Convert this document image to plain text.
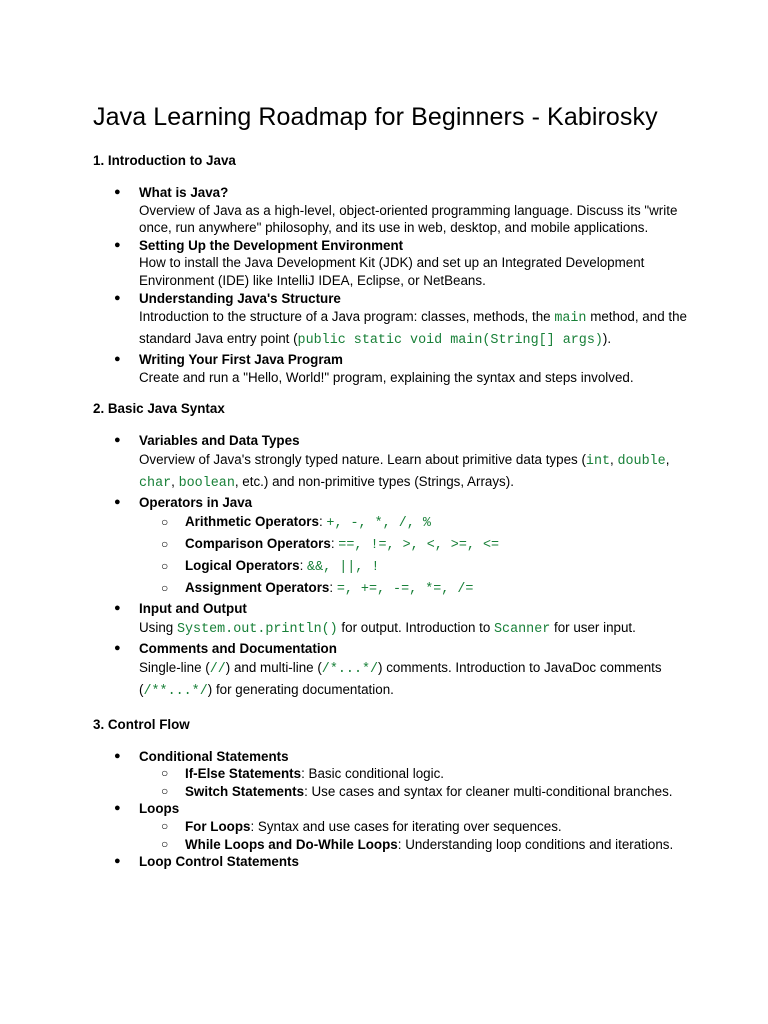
Java Learning Roadmap for Beginners - Kabirosky
1. Introduction to Java
● What is Java?
Overview of Java as a high-level, object-oriented programming language. Discuss its "write once, run anywhere" philosophy, and its use in web, desktop, and mobile applications.
● Setting Up the Development Environment
How to install the Java Development Kit (JDK) and set up an Integrated Development Environment (IDE) like IntelliJ IDEA, Eclipse, or NetBeans.
● Understanding Java's Structure
Introduction to the structure of a Java program: classes, methods, the main method, and the standard Java entry point (public static void main(String[] args)).
● Writing Your First Java Program
Create and run a "Hello, World!" program, explaining the syntax and steps involved.
2. Basic Java Syntax
● Variables and Data Types
Overview of Java's strongly typed nature. Learn about primitive data types (int, double, char, boolean, etc.) and non-primitive types (Strings, Arrays).
● Operators in Java
○ Arithmetic Operators: +, -, *, /, %
○ Comparison Operators: ==, !=, >, <, >=, <=
○ Logical Operators: &&, ||, !
○ Assignment Operators: =, +=, -=, *=, /=
● Input and Output
Using System.out.println() for output. Introduction to Scanner for user input.
● Comments and Documentation
Single-line (//) and multi-line (/*...*/) comments. Introduction to JavaDoc comments (/**...*/) for generating documentation.
3. Control Flow
● Conditional Statements
○ If-Else Statements: Basic conditional logic.
○ Switch Statements: Use cases and syntax for cleaner multi-conditional branches.
● Loops
○ For Loops: Syntax and use cases for iterating over sequences.
○ While Loops and Do-While Loops: Understanding loop conditions and iterations.
● Loop Control Statements
